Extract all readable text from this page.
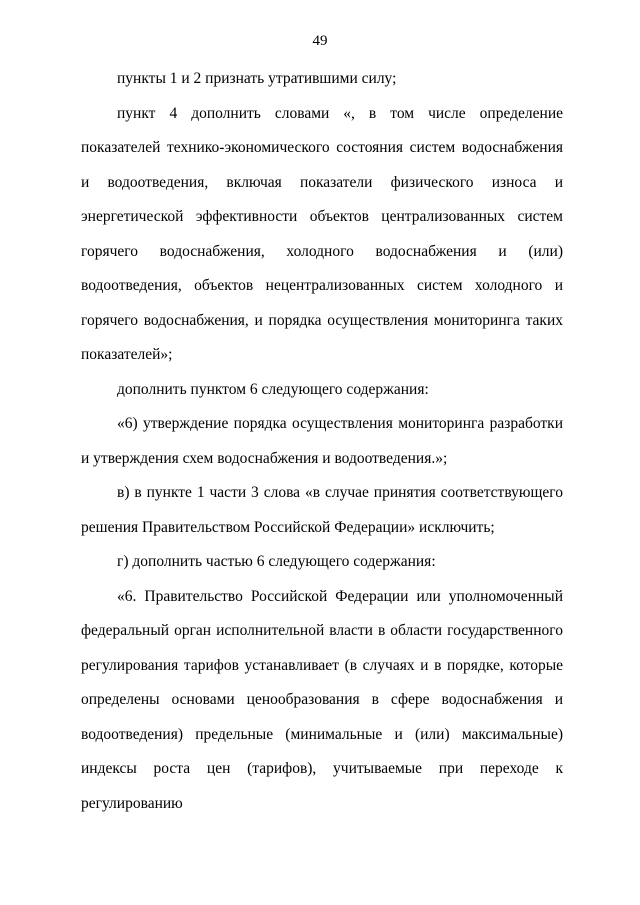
49

пункты 1 и 2 признать утратившими силу;

пункт 4 дополнить словами «, в том числе определение показателей технико-экономического состояния систем водоснабжения и водоотведения, включая показатели физического износа и энергетической эффективности объектов централизованных систем горячего водоснабжения, холодного водоснабжения и (или) водоотведения, объектов нецентрализованных систем холодного и горячего водоснабжения, и порядка осуществления мониторинга таких показателей»;

дополнить пунктом 6 следующего содержания:

«6) утверждение порядка осуществления мониторинга разработки и утверждения схем водоснабжения и водоотведения.»;

в) в пункте 1 части 3 слова «в случае принятия соответствующего решения Правительством Российской Федерации» исключить;

г) дополнить частью 6 следующего содержания:

«6. Правительство Российской Федерации или уполномоченный федеральный орган исполнительной власти в области государственного регулирования тарифов устанавливает (в случаях и в порядке, которые определены основами ценообразования в сфере водоснабжения и водоотведения) предельные (минимальные и (или) максимальные) индексы роста цен (тарифов), учитываемые при переходе к регулированию
